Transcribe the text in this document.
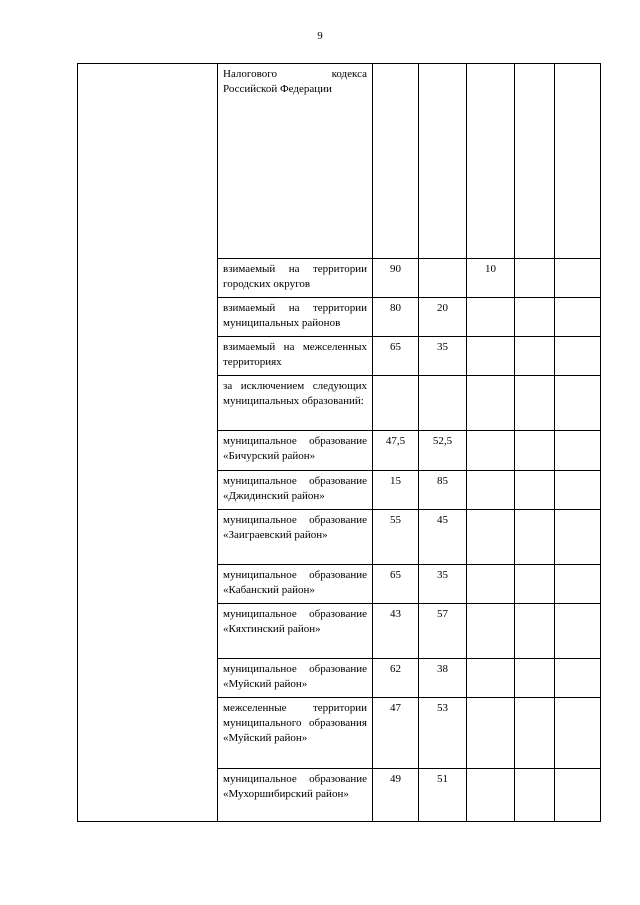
9
	Налогового кодекса Российской Федерации					
	взимаемый на территории городских округов	90		10		
	взимаемый на территории муниципальных районов	80	20			
	взимаемый на межселенных территориях	65	35			
	за исключением следующих муниципальных образований:					
	муниципальное образование «Бичурский район»	47,5	52,5			
	муниципальное образование «Джидинский район»	15	85			
	муниципальное образование «Заиграевский район»	55	45			
	муниципальное образование «Кабанский район»	65	35			
	муниципальное образование «Кяхтинский район»	43	57			
	муниципальное образование «Муйский район»	62	38			
	межселенные территории муниципального образования «Муйский район»	47	53			
	муниципальное образование «Мухоршибирский район»	49	51			
